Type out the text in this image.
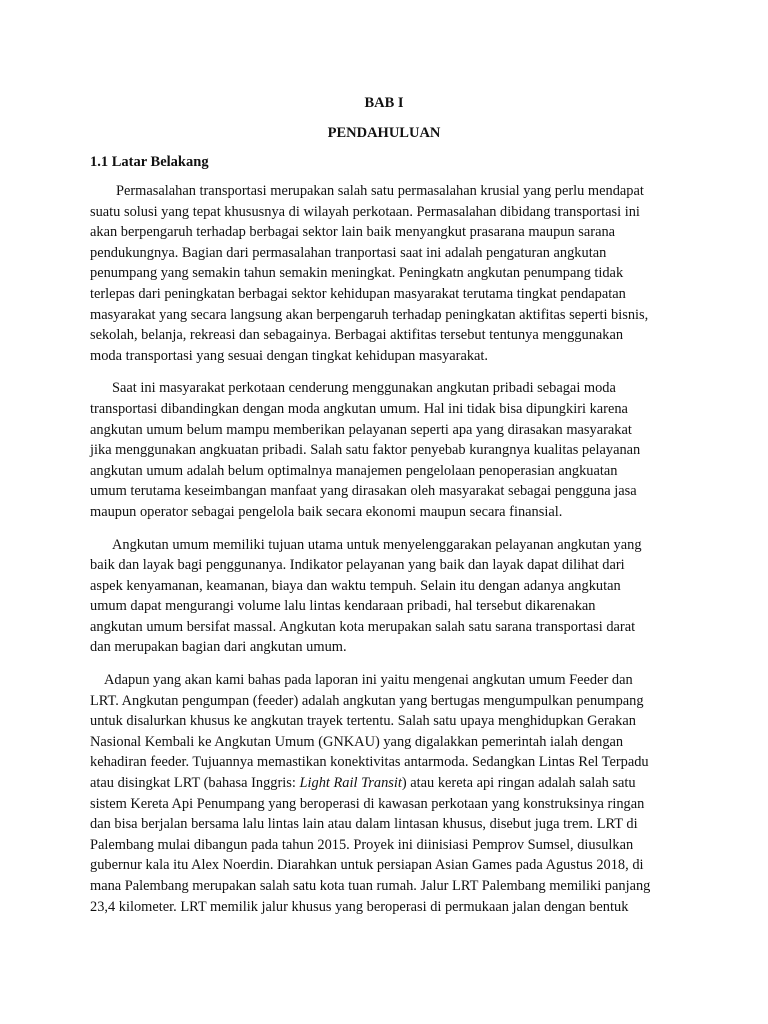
BAB I

PENDAHULUAN

1.1 Latar Belakang

Permasalahan transportasi merupakan salah satu permasalahan krusial yang perlu mendapat
suatu solusi yang tepat khususnya di wilayah perkotaan. Permasalahan dibidang transportasi ini
akan berpengaruh terhadap berbagai sektor lain baik menyangkut prasarana maupun sarana
pendukungnya. Bagian dari permasalahan tranportasi saat ini adalah pengaturan angkutan
penumpang yang semakin tahun semakin meningkat. Peningkatn angkutan penumpang tidak
terlepas dari peningkatan berbagai sektor kehidupan masyarakat terutama tingkat pendapatan
masyarakat yang secara langsung akan berpengaruh terhadap peningkatan aktifitas seperti bisnis,
sekolah, belanja, rekreasi dan sebagainya. Berbagai aktifitas tersebut tentunya menggunakan
moda transportasi yang sesuai dengan tingkat kehidupan masyarakat.

Saat ini masyarakat perkotaan cenderung menggunakan angkutan pribadi sebagai moda
transportasi dibandingkan dengan moda angkutan umum. Hal ini tidak bisa dipungkiri karena
angkutan umum belum mampu memberikan pelayanan seperti apa yang dirasakan masyarakat
jika menggunakan angkuatan pribadi. Salah satu faktor penyebab kurangnya kualitas pelayanan
angkutan umum adalah belum optimalnya manajemen pengelolaan penoperasian angkuatan
umum terutama keseimbangan manfaat yang dirasakan oleh masyarakat sebagai pengguna jasa
maupun operator sebagai pengelola baik secara ekonomi maupun secara finansial.

Angkutan umum memiliki tujuan utama untuk menyelenggarakan pelayanan angkutan yang
baik dan layak bagi penggunanya. Indikator pelayanan yang baik dan layak dapat dilihat dari
aspek kenyamanan, keamanan, biaya dan waktu tempuh. Selain itu dengan adanya angkutan
umum dapat mengurangi volume lalu lintas kendaraan pribadi, hal tersebut dikarenakan
angkutan umum bersifat massal. Angkutan kota merupakan salah satu sarana transportasi darat
dan merupakan bagian dari angkutan umum.

Adapun yang akan kami bahas pada laporan ini yaitu mengenai angkutan umum Feeder dan
LRT. Angkutan pengumpan (feeder) adalah angkutan yang bertugas mengumpulkan penumpang
untuk disalurkan khusus ke angkutan trayek tertentu. Salah satu upaya menghidupkan Gerakan
Nasional Kembali ke Angkutan Umum (GNKAU) yang digalakkan pemerintah ialah dengan
kehadiran feeder. Tujuannya memastikan konektivitas antarmoda. Sedangkan Lintas Rel Terpadu
atau disingkat LRT (bahasa Inggris: Light Rail Transit) atau kereta api ringan adalah salah satu
sistem Kereta Api Penumpang yang beroperasi di kawasan perkotaan yang konstruksinya ringan
dan bisa berjalan bersama lalu lintas lain atau dalam lintasan khusus, disebut juga trem. LRT di
Palembang mulai dibangun pada tahun 2015. Proyek ini diinisiasi Pemprov Sumsel, diusulkan
gubernur kala itu Alex Noerdin. Diarahkan untuk persiapan Asian Games pada Agustus 2018, di
mana Palembang merupakan salah satu kota tuan rumah. Jalur LRT Palembang memiliki panjang
23,4 kilometer. LRT memilik jalur khusus yang beroperasi di permukaan jalan dengan bentuk
